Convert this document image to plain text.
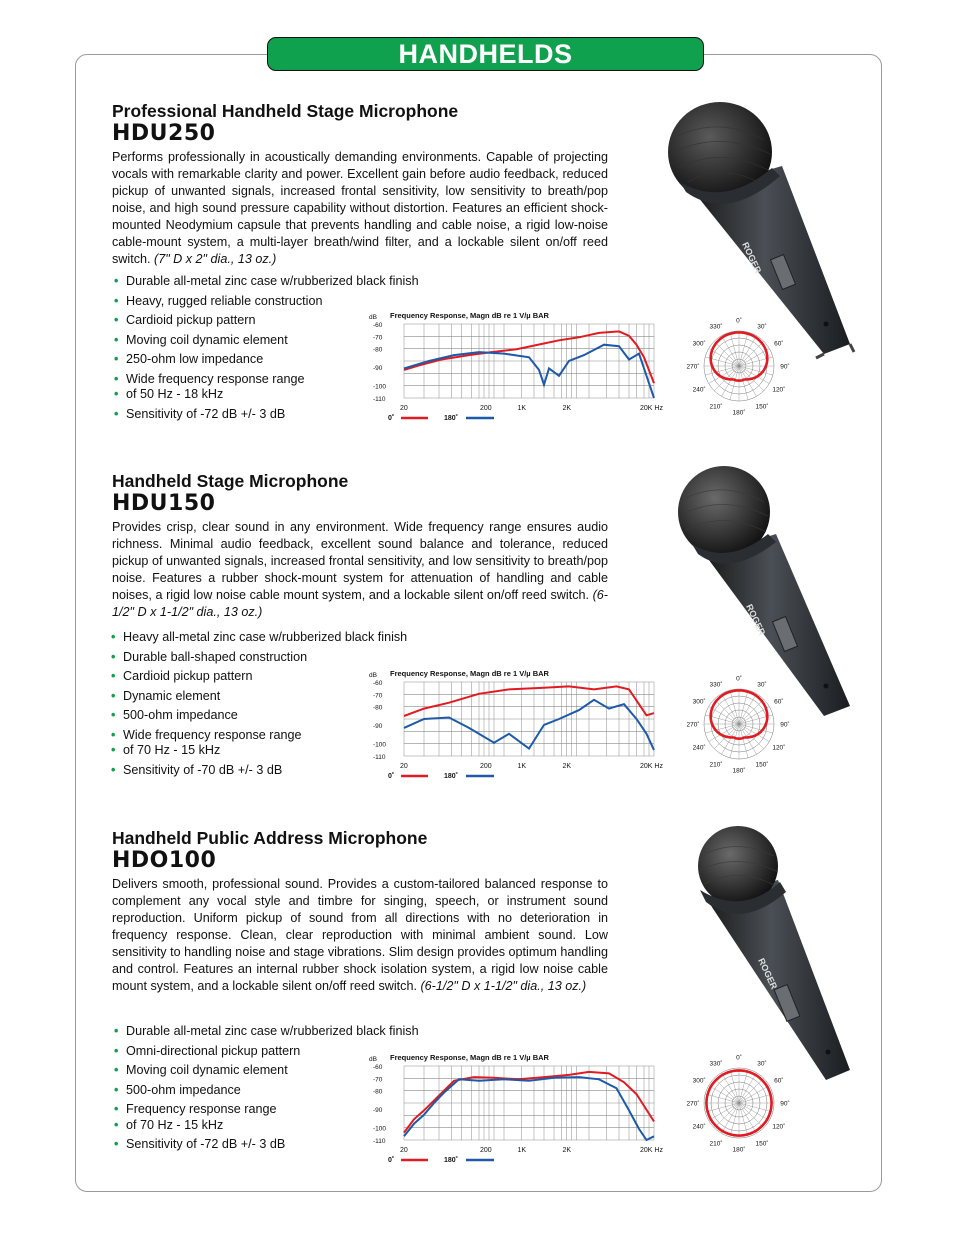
HANDHELDS

Professional Handheld Stage Microphone

HDU250

Performs professionally in acoustically demanding environments. Capable of projecting vocals with remarkable clarity and power. Excellent gain before audio feedback, reduced pickup of unwanted signals, increased frontal sensitivity, low sensitivity to breath/pop noise, and high sound pressure capability without distortion. Features an efficient shock-mounted Neodymium capsule that prevents handling and cable noise, a rigid low-noise cable-mount system, a multi-layer breath/wind filter, and a lockable silent on/off reed switch. (7" D x 2" dia., 13 oz.)

• Durable all-metal zinc case w/rubberized black finish
• Heavy, rugged reliable construction
• Cardioid pickup pattern
• Moving coil dynamic element
• 250-ohm low impedance
• Wide frequency response range
• of 50 Hz - 18 kHz
• Sensitivity of -72 dB +/- 3 dB

Handheld Stage Microphone

HDU150

Provides crisp, clear sound in any environment. Wide frequency range ensures audio richness. Minimal audio feedback, excellent sound balance and tolerance, reduced pickup of unwanted signals, increased frontal sensitivity, and low sensitivity to breath/pop noise. Features a rubber shock-mount system for attenuation of handling and cable noises, a rigid low noise cable mount system, and a lockable silent on/off reed switch. (6-1/2" D x 1-1/2" dia., 13 oz.)

• Heavy all-metal zinc case w/rubberized black finish
• Durable ball-shaped construction
• Cardioid pickup pattern
• Dynamic element
• 500-ohm impedance
• Wide frequency response range
• of 70 Hz - 15 kHz
• Sensitivity of -70 dB +/- 3 dB

Handheld Public Address Microphone

HDO100

Delivers smooth, professional sound. Provides a custom-tailored balanced response to complement any vocal style and timbre for singing, speech, or instrument sound reproduction. Uniform pickup of sound from all directions with no deterioration in frequency response. Clean, clear reproduction with minimal ambient sound. Low sensitivity to handling noise and stage vibrations. Slim design provides optimum handling and control. Features an internal rubber shock isolation system, a rigid low noise cable mount system, and a lockable silent on/off reed switch. (6-1/2" D x 1-1/2" dia., 13 oz.)

• Durable all-metal zinc case w/rubberized black finish
• Omni-directional pickup pattern
• Moving coil dynamic element
• 500-ohm impedance
• Frequency response range
• of 70 Hz - 15 kHz
• Sensitivity of -72 dB +/- 3 dB
dB Frequency Response, Magn dB re 1 V/µ BAR
-60
-70
-80
-90
-100
-110
20	200	1K	2K	20K Hz
0˚	180˚
dB Frequency Response, Magn dB re 1 V/µ BAR
-60
-70
-80
-90
-100
-110
20	200	1K	2K	20K Hz
0˚	180˚
dB Frequency Response, Magn dB re 1 V/µ BAR
-60
-70
-80
-90
-100
-110
20	200	1K	2K	20K Hz
0˚	180˚
0˚
30˚
60˚
90˚
120˚
150˚
180˚
210˚
240˚
270˚
300˚
330˚
0˚
30˚
60˚
90˚
120˚
150˚
180˚
210˚
240˚
270˚
300˚
330˚
0˚
30˚
60˚
90˚
120˚
150˚
180˚
210˚
240˚
270˚
300˚
330˚
ROGER
ROGER
ROGER
